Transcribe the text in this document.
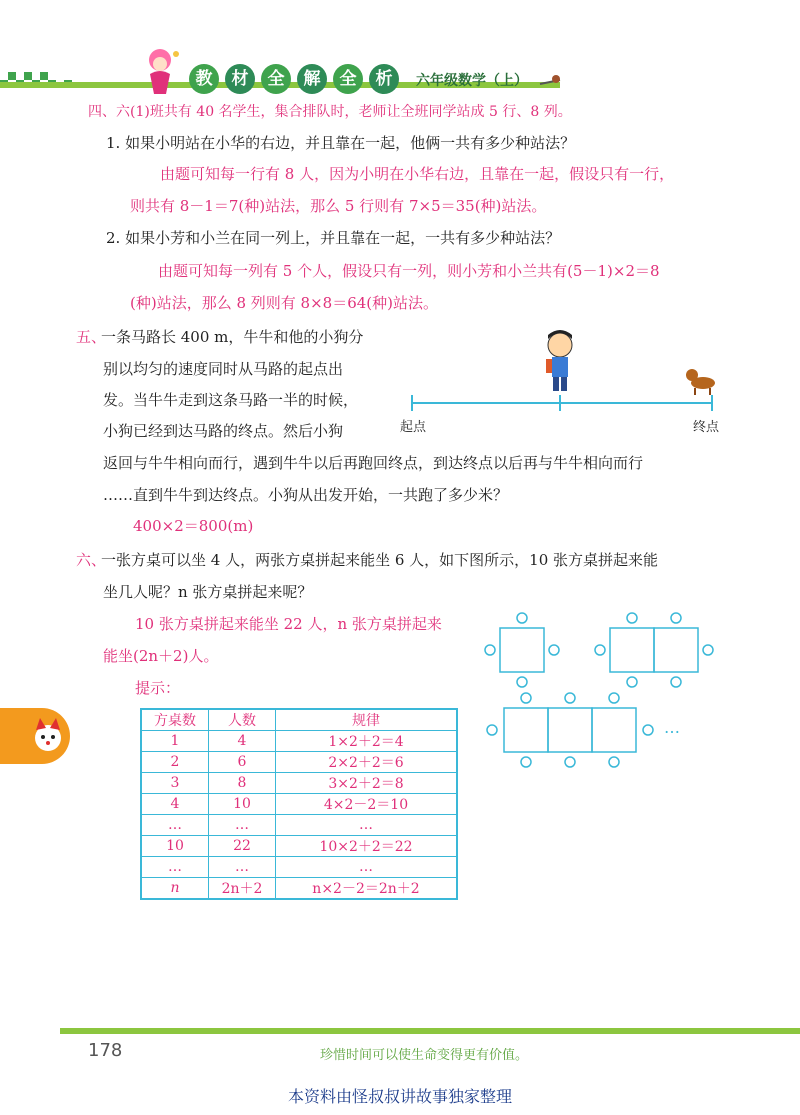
教	材	全	解	全	析	六年级数学（上）
四、六(1)班共有 40 名学生，集合排队时，老师让全班同学站成 5 行、8 列。
1. 如果小明站在小华的右边，并且靠在一起，他俩一共有多少种站法？
由题可知每一行有 8 人，因为小明在小华右边，且靠在一起，假设只有一行，
则共有 8－1＝7(种)站法，那么 5 行则有 7×5＝35(种)站法。
2. 如果小芳和小兰在同一列上，并且靠在一起，一共有多少种站法？
由题可知每一列有 5 个人，假设只有一列，则小芳和小兰共有(5－1)×2＝8
(种)站法，那么 8 列则有 8×8＝64(种)站法。
五、
一条马路长 400 m，牛牛和他的小狗分
别以均匀的速度同时从马路的起点出
发。当牛牛走到这条马路一半的时候，
小狗已经到达马路的终点。然后小狗
返回与牛牛相向而行，遇到牛牛以后再跑回终点，到达终点以后再与牛牛相向而行
……直到牛牛到达终点。小狗从出发开始，一共跑了多少米？
400×2＝800(m)
起点	终点
六、
一张方桌可以坐 4 人，两张方桌拼起来能坐 6 人，如下图所示，10 张方桌拼起来能
坐几人呢？n 张方桌拼起来呢？
10 张方桌拼起来能坐 22 人，n 张方桌拼起来
能坐(2n＋2)人。
提示：
…
方桌数	人数	规律
1	4	1×2＋2＝4
2	6	2×2＋2＝6
3	8	3×2＋2＝8
4	10	4×2－2＝10
…	…	…
10	22	10×2＋2＝22
…	…	…
n	2n＋2	n×2－2＝2n＋2
178	珍惜时间可以使生命变得更有价值。
本资料由怪叔叔讲故事独家整理
